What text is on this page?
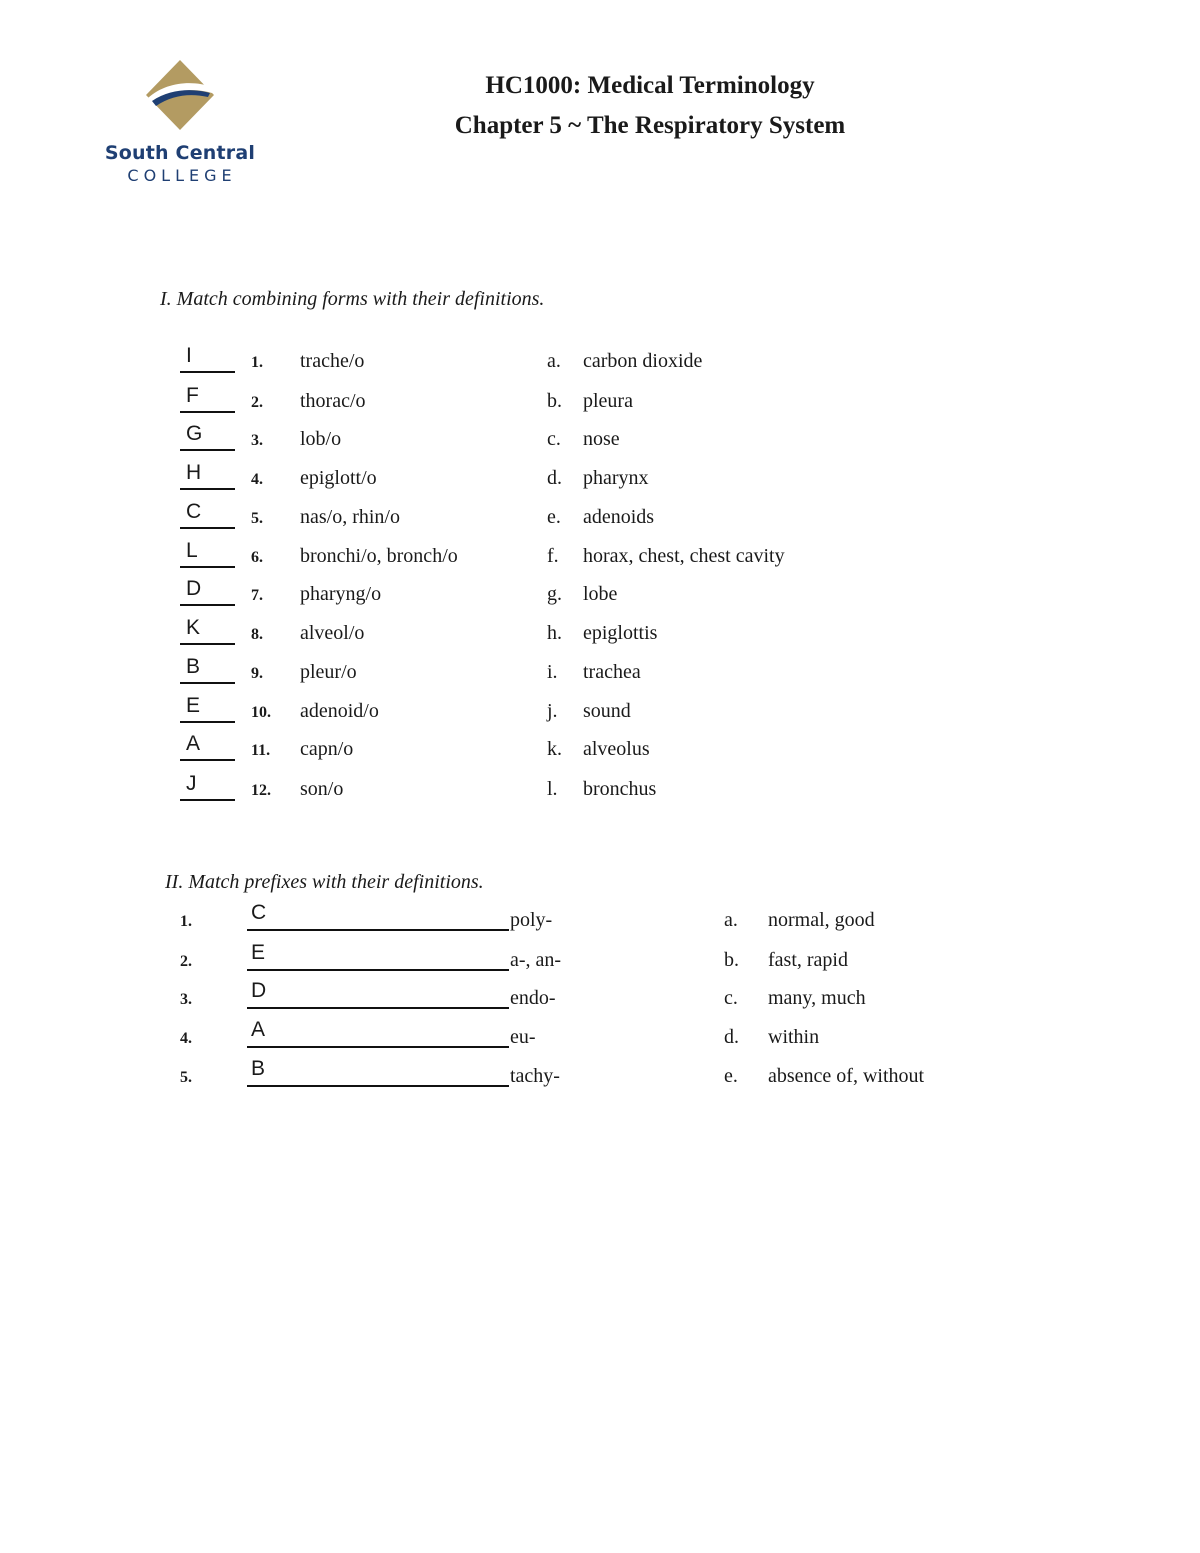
South Central
COLLEGE
HC1000: Medical Terminology
Chapter 5 ~ The Respiratory System
I. Match combining forms with their definitions.
I	1. trache/o	a. carbon dioxide
F	2. thorac/o	b. pleura
G	3. lob/o	c. nose
H	4. epiglott/o	d. pharynx
C	5. nas/o, rhin/o	e. adenoids
L	6. bronchi/o, bronch/o	f. horax, chest, chest cavity
D	7. pharyng/o	g. lobe
K	8. alveol/o	h. epiglottis
B	9. pleur/o	i. trachea
E	10. adenoid/o	j. sound
A	11. capn/o	k. alveolus
J	12. son/o	l. bronchus
II. Match prefixes with their definitions.
1.	C	poly-	a. normal, good
2.	E	a-, an-	b. fast, rapid
3.	D	endo-	c. many, much
4.	A	eu-	d. within
5.	B	tachy-	e. absence of, without
